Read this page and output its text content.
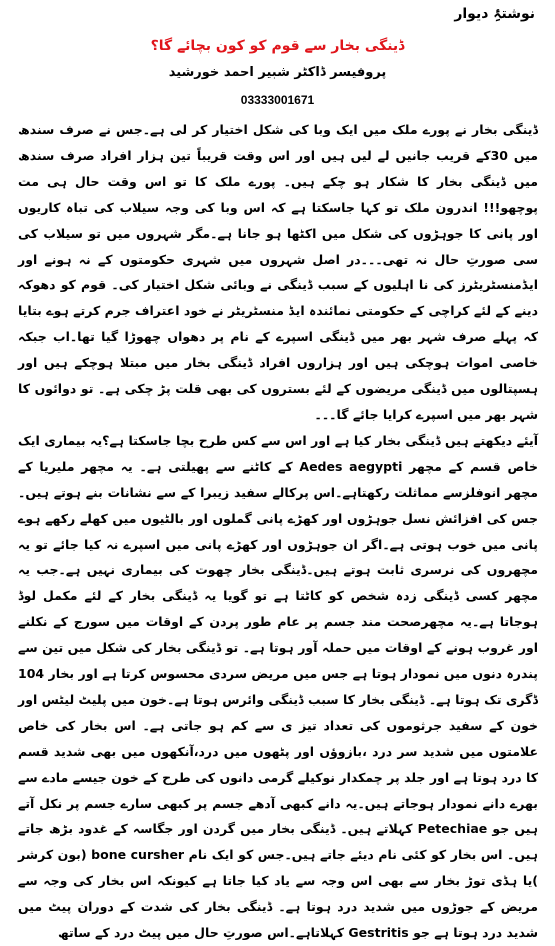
نوشتۂِ دیوار
ڈینگی بخار سے قوم کو کون بچائے گا؟
پروفیسر ڈاکٹر شبیر احمد خورشید
03333001671

ڈینگی بخار نے پورے ملک میں ایک وبا کی شکل اختیار کر لی ہے۔جس نے صرف سندھ میں 30کے قریب جانیں لے لیں ہیں اور اس وقت قریباً تین ہزار افراد صرف سندھ میں ڈینگی بخار کا شکار ہو چکے ہیں۔ پورے ملک کا تو اس وقت حال ہی مت پوچھو!!! اندرون ملک تو کہا جاسکتا ہے کہ اس وبا کی وجہ سیلاب کی تباہ کاریوں اور پانی کا جوہڑوں کی شکل میں اکٹھا ہو جانا ہے۔مگر شہروں میں تو سیلاب کی سی صورتِ حال نہ تھی۔۔۔در اصل شہروں میں شہری حکومتوں کے نہ ہونے اور ایڈمنسٹریٹرز کی نا اہلیوں کے سبب ڈینگی نے وبائی شکل اختیار کی۔ قوم کو دھوکہ دینے کے لئے کراچی کے حکومتی نمائندہ ایڈ منسٹریٹر نے خود اعتراف جرم کرتے ہوے بتایا کہ پہلے صرف شہر بھر میں ڈینگی اسپرے کے نام پر دھواں چھوڑا گیا تھا۔اب جبکہ خاصی اموات ہوچکی ہیں اور ہزاروں افراد ڈینگی بخار میں مبتلا ہوچکے ہیں اور ہسپتالوں میں ڈینگی مریضوں کے لئے بستروں کی بھی قلت پڑ چکی ہے۔ تو دوائوں کا شہر بھر میں اسپرے کرایا جائے گا۔۔۔

آیئے دیکھتے ہیں ڈینگی بخار کیا ہے اور اس سے کس طرح بچا جاسکتا ہے؟یہ بیماری ایک خاص قسم کے مچھر Aedes aegypti کے کاٹنے سے پھیلتی ہے۔ یہ مچھر ملیریا کے مچھر انوفلزسے مماثلت رکھتاہے۔اس پرکالے سفید زیبرا کے سے نشانات بنے ہوتے ہیں۔جس کی افزائش نسل جوہڑوں اور کھڑے پانی گملوں اور بالٹیوں میں کھلے رکھے ہوے پانی میں خوب ہوتی ہے۔اگر ان جوہڑوں اور کھڑے پانی میں اسپرے نہ کیا جائے تو یہ مچھروں کی نرسری ثابت ہوتے ہیں۔ڈینگی بخار چھوت کی بیماری نہیں ہے۔جب یہ مچھر کسی ڈینگی زدہ شخص کو کاٹتا ہے تو گویا یہ ڈینگی بخار کے لئے مکمل لوڈ ہوجاتا ہے۔یہ مچھرصحت مند جسم پر عام طور پردن کے اوقات میں سورج کے نکلنے اور غروب ہونے کے اوقات میں حملہ آور ہوتا ہے۔ تو ڈینگی بخار کی شکل میں تین سے پندرہ دنوں میں نمودار ہوتا ہے جس میں مریض سردی محسوس کرتا ہے اور بخار 104 ڈگری تک ہوتا ہے۔ ڈینگی بخار کا سبب ڈینگی وائرس ہوتا ہے۔خون میں پلیٹ لیٹس اور خون کے سفید جرثوموں کی تعداد تیز ی سے کم ہو جاتی ہے۔ اس بخار کی خاص علامتوں میں شدید سر درد ،بازوؤں اور پٹھوں میں درد،آنکھوں میں بھی شدید قسم کا درد ہوتا ہے اور جلد پر چمکدار نوکیلے گرمی دانوں کی طرح کے خون جیسے مادے سے بھرے دانے نمودار ہوجاتے ہیں۔یہ دانے کبھی آدھے جسم پر کبھی سارے جسم پر نکل آتے ہیں جو Petechiae کہلاتے ہیں۔ ڈینگی بخار میں گردن اور جگاسہ کے غدود بڑھ جاتے ہیں۔ اس بخار کو کئی نام دیئے جاتے ہیں۔جس کو ایک نام bone cursher (بون کرشر )یا ہڈی توڑ بخار سے بھی اس وجہ سے یاد کیا جاتا ہے کیونکہ اس بخار کی وجہ سے مریض کے جوڑوں میں شدید درد ہوتا ہے۔ ڈینگی بخار کی شدت کے دوران پیٹ میں شدید درد ہوتا ہے جو Gestritis کہلاتاہے۔اس صورتِ حال میں پیٹ درد کے ساتھ
